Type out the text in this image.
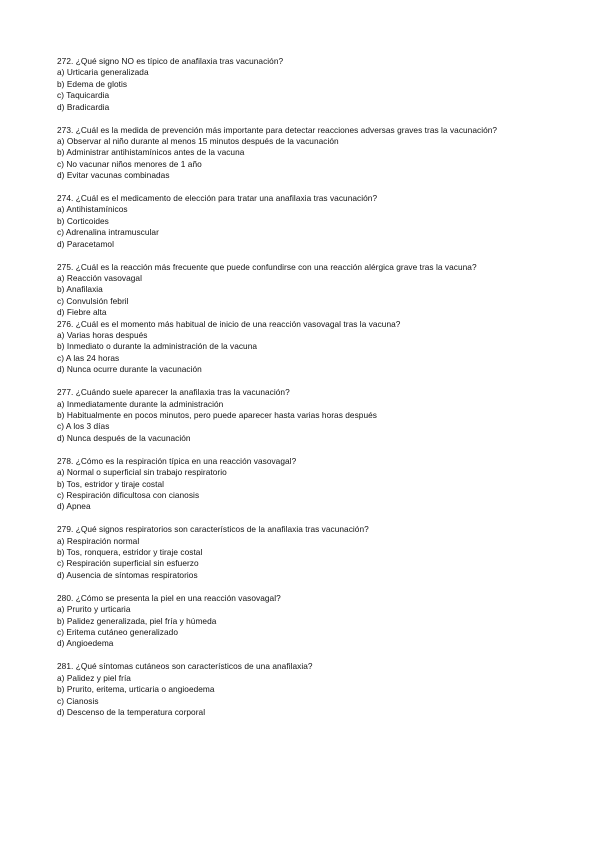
272. ¿Qué signo NO es típico de anafilaxia tras vacunación?
a) Urticaria generalizada
b) Edema de glotis
c) Taquicardia
d) Bradicardia
273. ¿Cuál es la medida de prevención más importante para detectar reacciones adversas graves tras la vacunación?
a) Observar al niño durante al menos 15 minutos después de la vacunación
b) Administrar antihistamínicos antes de la vacuna
c) No vacunar niños menores de 1 año
d) Evitar vacunas combinadas
274. ¿Cuál es el medicamento de elección para tratar una anafilaxia tras vacunación?
a) Antihistamínicos
b) Corticoides
c) Adrenalina intramuscular
d) Paracetamol
275. ¿Cuál es la reacción más frecuente que puede confundirse con una reacción alérgica grave tras la vacuna?
a) Reacción vasovagal
b) Anafilaxia
c) Convulsión febril
d) Fiebre alta
276. ¿Cuál es el momento más habitual de inicio de una reacción vasovagal tras la vacuna?
a) Varias horas después
b) Inmediato o durante la administración de la vacuna
c) A las 24 horas
d) Nunca ocurre durante la vacunación
277. ¿Cuándo suele aparecer la anafilaxia tras la vacunación?
a) Inmediatamente durante la administración
b) Habitualmente en pocos minutos, pero puede aparecer hasta varias horas después
c) A los 3 días
d) Nunca después de la vacunación
278. ¿Cómo es la respiración típica en una reacción vasovagal?
a) Normal o superficial sin trabajo respiratorio
b) Tos, estridor y tiraje costal
c) Respiración dificultosa con cianosis
d) Apnea
279. ¿Qué signos respiratorios son característicos de la anafilaxia tras vacunación?
a) Respiración normal
b) Tos, ronquera, estridor y tiraje costal
c) Respiración superficial sin esfuerzo
d) Ausencia de síntomas respiratorios
280. ¿Cómo se presenta la piel en una reacción vasovagal?
a) Prurito y urticaria
b) Palidez generalizada, piel fría y húmeda
c) Eritema cutáneo generalizado
d) Angioedema
281. ¿Qué síntomas cutáneos son característicos de una anafilaxia?
a) Palidez y piel fría
b) Prurito, eritema, urticaria o angioedema
c) Cianosis
d) Descenso de la temperatura corporal
